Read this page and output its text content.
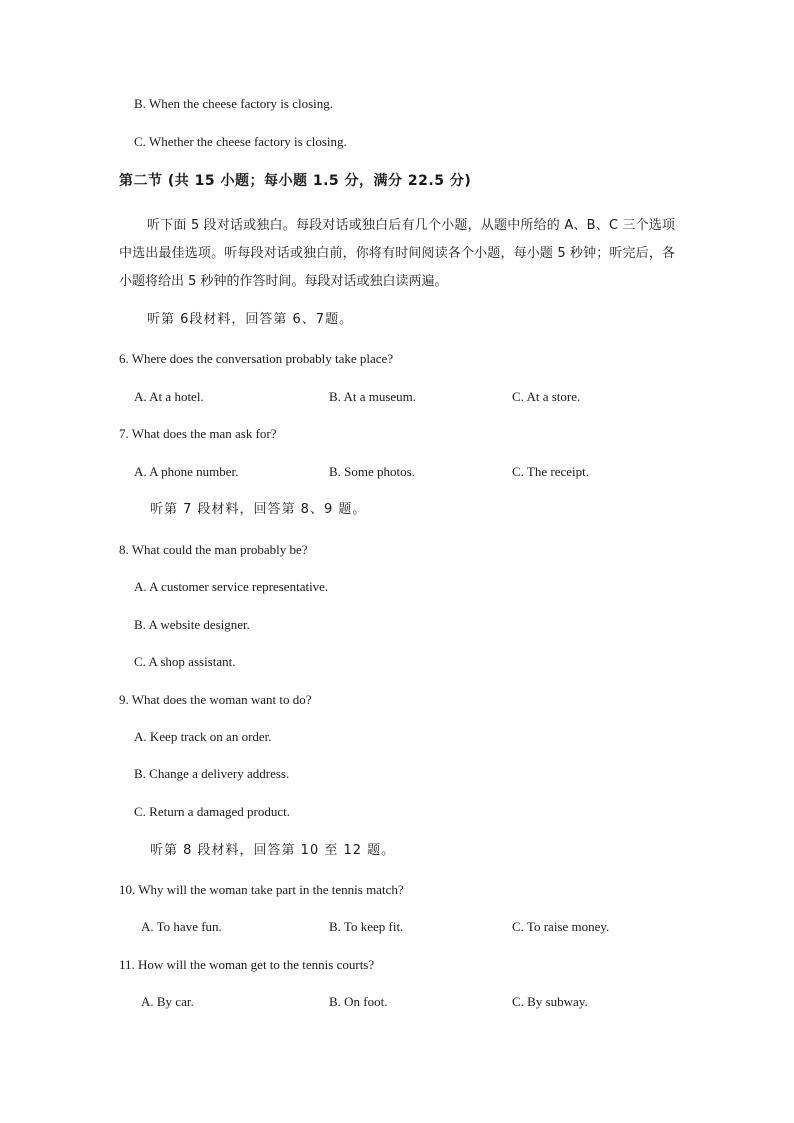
B. When the cheese factory is closing.
C. Whether the cheese factory is closing.
第二节 (共 15 小题；每小题 1.5 分，满分 22.5 分)
听下面 5 段对话或独白。每段对话或独白后有几个小题，从题中所给的 A、B、C 三个选项中选出最佳选项。听每段对话或独白前，你将有时间阅读各个小题，每小题 5 秒钟；听完后，各小题将给出 5 秒钟的作答时间。每段对话或独白读两遍。
听第 6段材料，回答第 6、7题。
6. Where does the conversation probably take place?
A. At a hotel.	B. At a museum.	C. At a store.
7. What does the man ask for?
A. A phone number.	B. Some photos.	C. The receipt.
听第 7 段材料，回答第 8、9 题。
8. What could the man probably be?
A. A customer service representative.
B. A website designer.
C. A shop assistant.
9. What does the woman want to do?
A. Keep track on an order.
B. Change a delivery address.
C. Return a damaged product.
听第 8 段材料，回答第 10 至 12 题。
10. Why will the woman take part in the tennis match?
A. To have fun.	B. To keep fit.	C. To raise money.
11. How will the woman get to the tennis courts?
A. By car.	B. On foot.	C. By subway.
